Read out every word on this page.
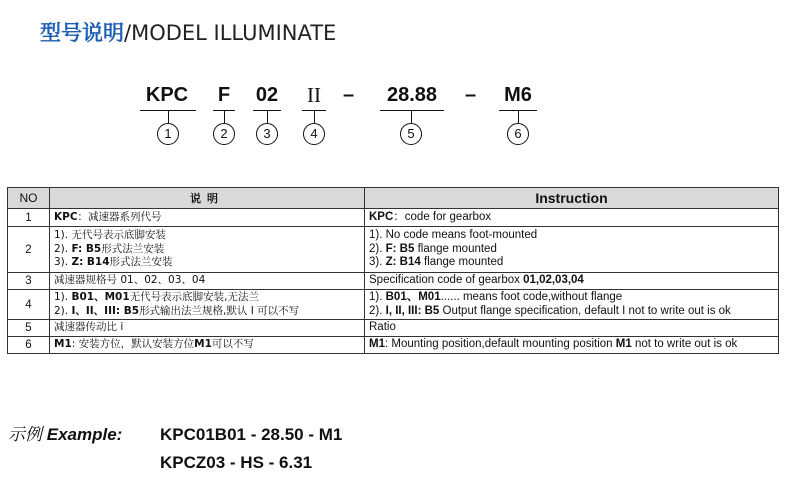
型号说明/MODEL ILLUMINATE
KPC	F 02	II	–	28.88	–	M6
1	2	3	4	5	6
NO	说明	Instruction
1	KPC：减速器系列代号	KPC：code for gearbox
2	1). 无代号表示底脚安装
2). F: B5形式法兰安装
3). Z: B14形式法兰安装	1). No code means foot-mounted
2). F: B5 flange mounted
3). Z: B14 flange mounted
3	减速器规格号 01、02、03、04	Specification code of gearbox 01,02,03,04
4	1). B01、M01无代号表示底脚安装,无法兰
2). I、II、III: B5形式输出法兰规格,默认 I 可以不写	1). B01、M01...... means foot code,without flange
2). I, II, III: B5 Output flange specification, default I not to write out is ok
5	减速器传动比 i	Ratio
6	M1: 安装方位，默认安装方位M1可以不写	M1: Mounting position,default mounting position M1 not to write out is ok
示例 Example: KPC01B01 - 28.50 - M1
KPCZ03 - HS - 6.31
